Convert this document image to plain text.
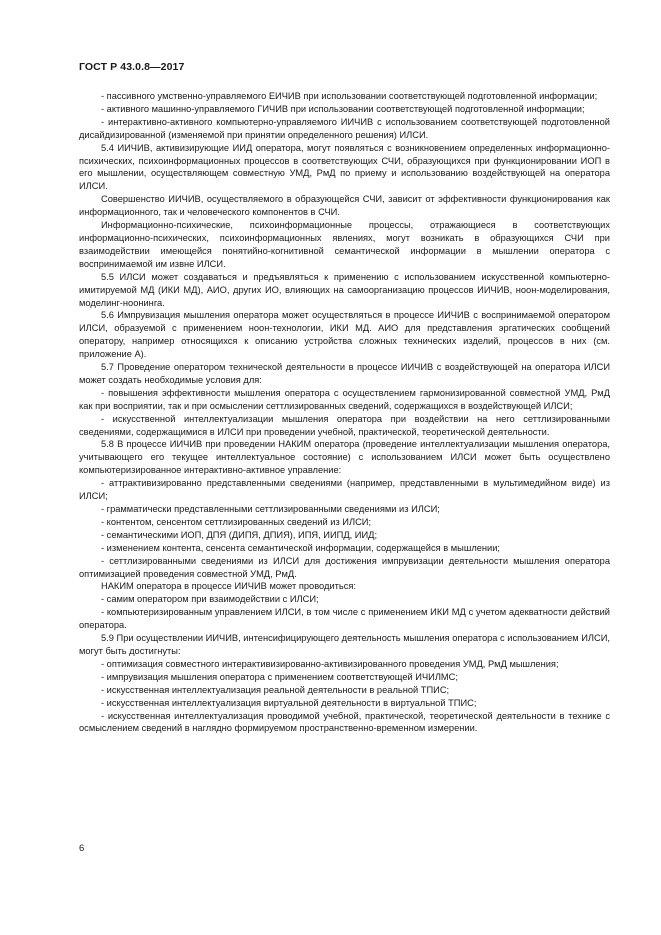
ГОСТ Р 43.0.8—2017

- пассивного умственно-управляемого ЕИЧИВ при использовании соответствующей подготовленной информации;

- активного машинно-управляемого ГИЧИВ при использовании соответствующей подготовленной информации;

- интерактивно-активного компьютерно-управляемого ИИЧИВ с использованием соответствующей подготовленной дисайдизированной (изменяемой при принятии определенного решения) ИЛСИ.

5.4 ИИЧИВ, активизирующие ИИД оператора, могут появляться с возникновением определенных информационно-психических, психоинформационных процессов в соответствующих СЧИ, образующихся при функционировании ИОП в его мышлении, осуществляющем совместную УМД, РмД по приему и использованию воздействующей на оператора ИЛСИ.

Совершенство ИИЧИВ, осуществляемого в образующейся СЧИ, зависит от эффективности функционирования как информационного, так и человеческого компонентов в СЧИ.

Информационно-психические, психоинформационные процессы, отражающиеся в соответствующих информационно-психических, психоинформационных явлениях, могут возникать в образующихся СЧИ при взаимодействии имеющейся понятийно-когнитивной семантической информации в мышлении оператора с воспринимаемой им извне ИЛСИ.

5.5 ИЛСИ может создаваться и предъявляться к применению с использованием искусственной компьютерно-имитируемой МД (ИКИ МД), АИО, других ИО, влияющих на самоорганизацию процессов ИИЧИВ, ноон-моделирования, моделинг-ноонинга.

5.6 Импрувизация мышления оператора может осуществляться в процессе ИИЧИВ с воспринимаемой оператором ИЛСИ, образуемой с применением ноон-технологии, ИКИ МД. АИО для представления эргатических сообщений оператору, например относящихся к описанию устройства сложных технических изделий, процессов в них (см. приложение А).

5.7 Проведение оператором технической деятельности в процессе ИИЧИВ с воздействующей на оператора ИЛСИ может создать необходимые условия для:

- повышения эффективности мышления оператора с осуществлением гармонизированной совместной УМД, РмД как при восприятии, так и при осмыслении сеттлизированных сведений, содержащихся в воздействующей ИЛСИ;

- искусственной интеллектуализации мышления оператора при воздействии на него сеттлизированными сведениями, содержащимися в ИЛСИ при проведении учебной, практической, теоретической деятельности.

5.8 В процессе ИИЧИВ при проведении НАКИМ оператора (проведение интеллектуализации мышления оператора, учитывающего его текущее интеллектуальное состояние) с использованием ИЛСИ может быть осуществлено компьютеризированное интерактивно-активное управление:

- аттрактивизированно представленными сведениями (например, представленными в мультимедийном виде) из ИЛСИ;

- грамматически представленными сеттлизированными сведениями из ИЛСИ;

- контентом, сенсентом сеттлизированных сведений из ИЛСИ;

- семантическими ИОП, ДПЯ (ДИПЯ, ДПИЯ), ИПЯ, ИИПД, ИИД;

- изменением контента, сенсента семантической информации, содержащейся в мышлении;

- сеттлизированными сведениями из ИЛСИ для достижения импрувизации деятельности мышления оператора оптимизацией проведения совместной УМД, РмД.

НАКИМ оператора в процессе ИИЧИВ может проводиться:

- самим оператором при взаимодействии с ИЛСИ;

- компьютеризированным управлением ИЛСИ, в том числе с применением ИКИ МД с учетом адекватности действий оператора.

5.9 При осуществлении ИИЧИВ, интенсифицирующего деятельность мышления оператора с использованием ИЛСИ, могут быть достигнуты:

- оптимизация совместного интерактивизированно-активизированного проведения УМД, РмД мышления;

- импрувизация мышления оператора с применением соответствующей ИЧИЛМС;

- искусственная интеллектуализация реальной деятельности в реальной ТПИС;

- искусственная интеллектуализация виртуальной деятельности в виртуальной ТПИС;

- искусственная интеллектуализация проводимой учебной, практической, теоретической деятельности в технике с осмыслением сведений в наглядно формируемом пространственно-временном измерении.

6
